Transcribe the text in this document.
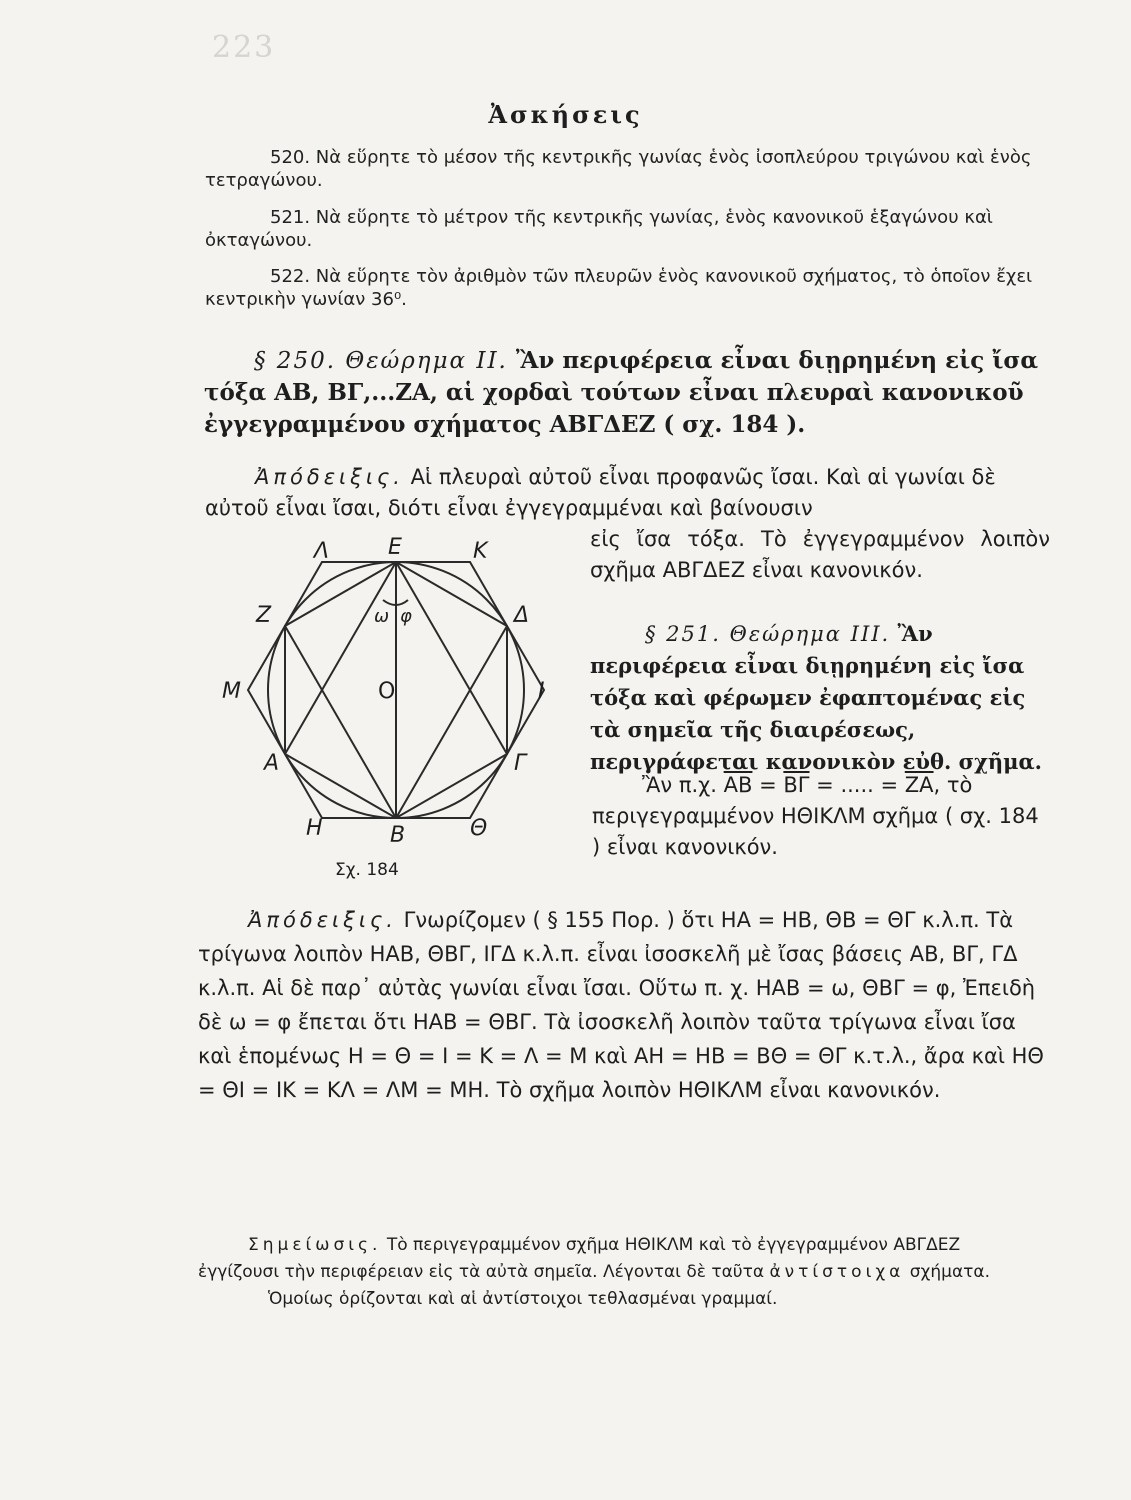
223
Ἀσκήσεις
520. Νὰ εὕρητε τὸ μέσον τῆς κεντρικῆς γωνίας ἑνὸς ἰσοπλεύρου τριγώνου καὶ ἑνὸς τετραγώνου.
521. Νὰ εὕρητε τὸ μέτρον τῆς κεντρικῆς γωνίας, ἑνὸς κανονικοῦ ἑξαγώνου καὶ ὀκταγώνου.
522. Νὰ εὕρητε τὸν ἀριθμὸν τῶν πλευρῶν ἑνὸς κανονικοῦ σχήματος, τὸ ὁποῖον ἔχει κεντρικὴν γωνίαν 36⁰.
§ 250. Θεώρημα II. Ἂν περιφέρεια εἶναι διῃρημένη εἰς ἴσα τόξα ΑΒ, ΒΓ,...ΖΑ, αἱ χορδαὶ τούτων εἶναι πλευραὶ κανονικοῦ ἐγγεγραμμένου σχήματος ΑΒΓΔΕΖ ( σχ. 184 ).
Ἀπόδειξις. Αἱ πλευραὶ αὐτοῦ εἶναι προφανῶς ἴσαι. Καὶ αἱ γωνίαι δὲ αὐτοῦ εἶναι ἴσαι, διότι εἶναι ἐγγεγραμμέναι καὶ βαίνουσιν
εἰς ἴσα τόξα. Τὸ ἐγγεγραμμένον λοιπὸν σχῆμα ΑΒΓΔΕΖ εἶναι κανονικόν.
Ε	Κ
Λ
Ζ
Μ	Ι
Δ
Γ
Α
Η	Β	Θ
Ο
ω φ
§ 251. Θεώρημα III. Ἂν περιφέρεια εἶναι διῃρημένη εἰς ἴσα τόξα καὶ φέρωμεν ἐφαπτομένας εἰς τὰ σημεῖα τῆς διαιρέσεως, περιγράφεται κανονικὸν εὐθ. σχῆμα.
Ἂν π.χ. $\overline{AB} = \overline{B\Gamma}$ = ..... = $\overline{ZA}$, τὸ περιγεγραμμένον ΗΘΙΚΛΜ σχῆμα ( σχ. 184 ) εἶναι κανονικόν.
Σχ. 184
Ἀπόδειξις. Γνωρίζομεν ( § 155 Πορ. ) ὅτι ΗΑ = ΗΒ, ΘΒ = ΘΓ κ.λ.π. Τὰ τρίγωνα λοιπὸν ΗΑΒ, ΘΒΓ, ΙΓΔ κ.λ.π. εἶναι ἰσοσκελῆ μὲ ἴσας βάσεις ΑΒ, ΒΓ, ΓΔ κ.λ.π. Αἱ δὲ παρ᾽ αὐτὰς γωνίαι εἶναι ἴσαι. Οὕτω π. χ. ΗΑΒ = ω, ΘΒΓ = φ, Ἐπειδὴ δὲ ω = φ ἔπεται ὅτι ΗΑΒ = ΘΒΓ. Τὰ ἰσοσκελῆ λοιπὸν ταῦτα τρίγωνα εἶναι ἴσα καὶ ἑπομένως Η = Θ = Ι = Κ = Λ = Μ καὶ ΑΗ = ΗΒ = ΒΘ = ΘΓ κ.τ.λ., ἄρα καὶ ΗΘ = ΘΙ = ΙΚ = ΚΛ = ΛΜ = ΜΗ. Τὸ σχῆμα λοιπὸν ΗΘΙΚΛΜ εἶναι κανονικόν.
Σημείωσις. Τὸ περιγεγραμμένον σχῆμα ΗΘΙΚΛΜ καὶ τὸ ἐγγεγραμμένον ΑΒΓΔΕΖ ἐγγίζουσι τὴν περιφέρειαν εἰς τὰ αὐτὰ σημεῖα. Λέγονται δὲ ταῦτα ἀντίστοιχα σχήματα.
Ὁμοίως ὁρίζονται καὶ αἱ ἀντίστοιχοι τεθλασμέναι γραμμαί.
